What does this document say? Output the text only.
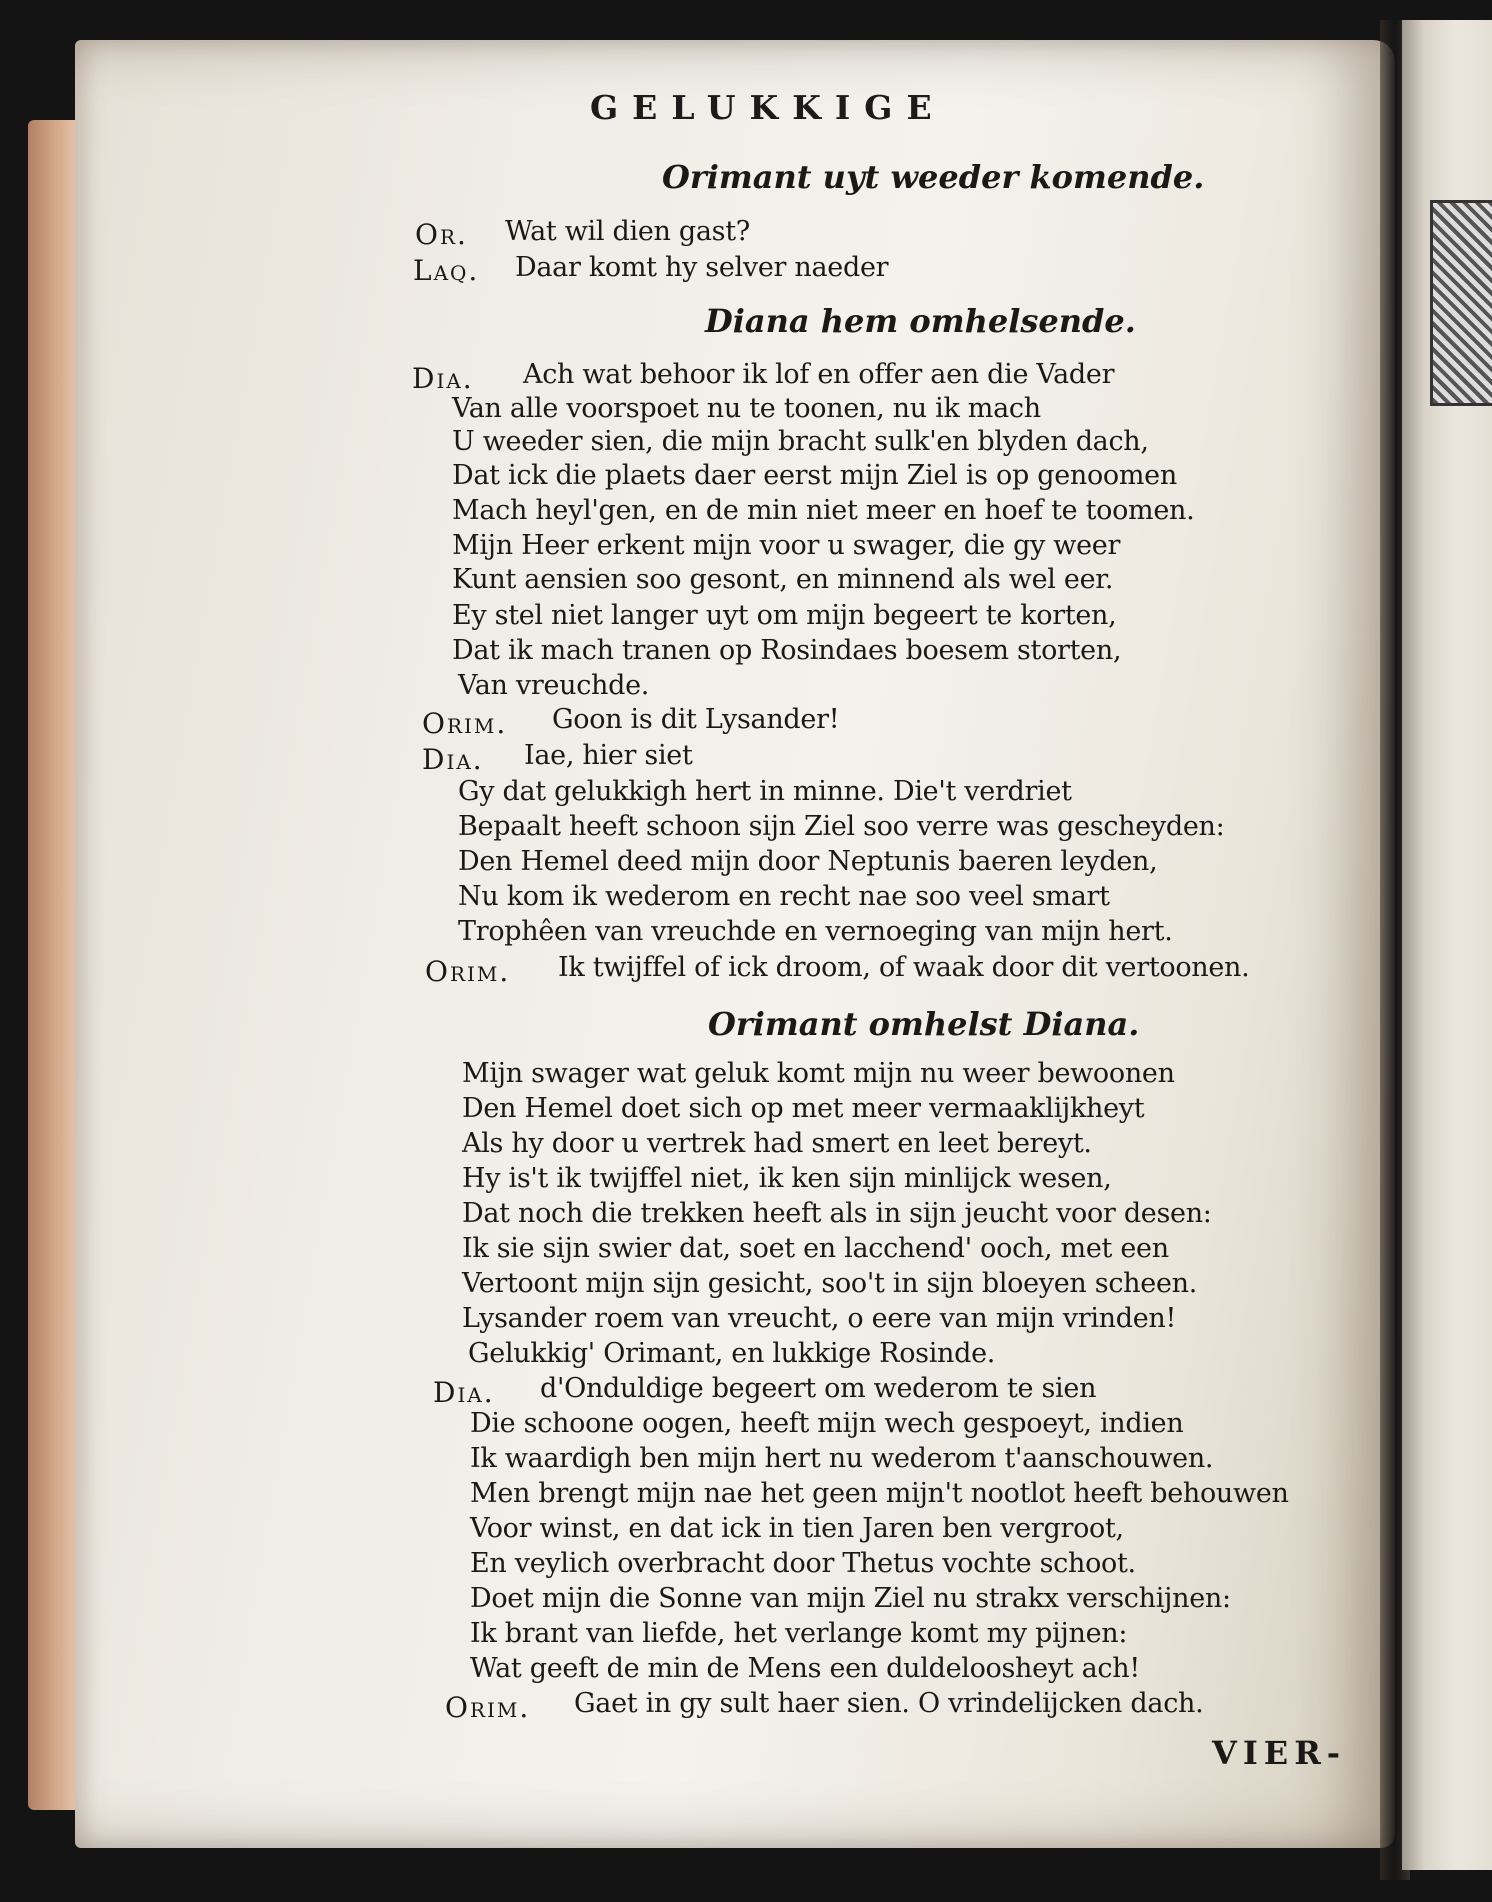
GELUKKIGE
Orimant uyt weeder komende.
Or. Wat wil dien gast?
Laq. Daar komt hy selver naeder
Diana hem omhelsende.
Dia. Ach wat behoor ik lof en offer aen die Vader
Van alle voorspoet nu te toonen, nu ik mach
U weeder sien, die mijn bracht sulk'en blyden dach,
Dat ick die plaets daer eerst mijn Ziel is op genoomen
Mach heyl'gen, en de min niet meer en hoef te toomen.
Mijn Heer erkent mijn voor u swager, die gy weer
Kunt aensien soo gesont, en minnend als wel eer.
Ey stel niet langer uyt om mijn begeert te korten,
Dat ik mach tranen op Rosindaes boesem storten,
Van vreuchde.
Orim. Goon is dit Lysander!
Dia. Iae, hier siet
Gy dat gelukkigh hert in minne. Die't verdriet
Bepaalt heeft schoon sijn Ziel soo verre was gescheyden:
Den Hemel deed mijn door Neptunis baeren leyden,
Nu kom ik wederom en recht nae soo veel smart
Trophêen van vreuchde en vernoeging van mijn hert.
Orim. Ik twijffel of ick droom, of waak door dit vertoonen.
Orimant omhelst Diana.
Mijn swager wat geluk komt mijn nu weer bewoonen
Den Hemel doet sich op met meer vermaaklijkheyt
Als hy door u vertrek had smert en leet bereyt.
Hy is't ik twijffel niet, ik ken sijn minlijck wesen,
Dat noch die trekken heeft als in sijn jeucht voor desen:
Ik sie sijn swier dat, soet en lacchend' ooch, met een
Vertoont mijn sijn gesicht, soo't in sijn bloeyen scheen.
Lysander roem van vreucht, o eere van mijn vrinden!
Gelukkig' Orimant, en lukkige Rosinde.
Dia. d'Onduldige begeert om wederom te sien
Die schoone oogen, heeft mijn wech gespoeyt, indien
Ik waardigh ben mijn hert nu wederom t'aanschouwen.
Men brengt mijn nae het geen mijn't nootlot heeft behouwen
Voor winst, en dat ick in tien Jaren ben vergroot,
En veylich overbracht door Thetus vochte schoot.
Doet mijn die Sonne van mijn Ziel nu strakx verschijnen:
Ik brant van liefde, het verlange komt my pijnen:
Wat geeft de min de Mens een duldeloosheyt ach!
Orim. Gaet in gy sult haer sien. O vrindelijcken dach.
VIER-
